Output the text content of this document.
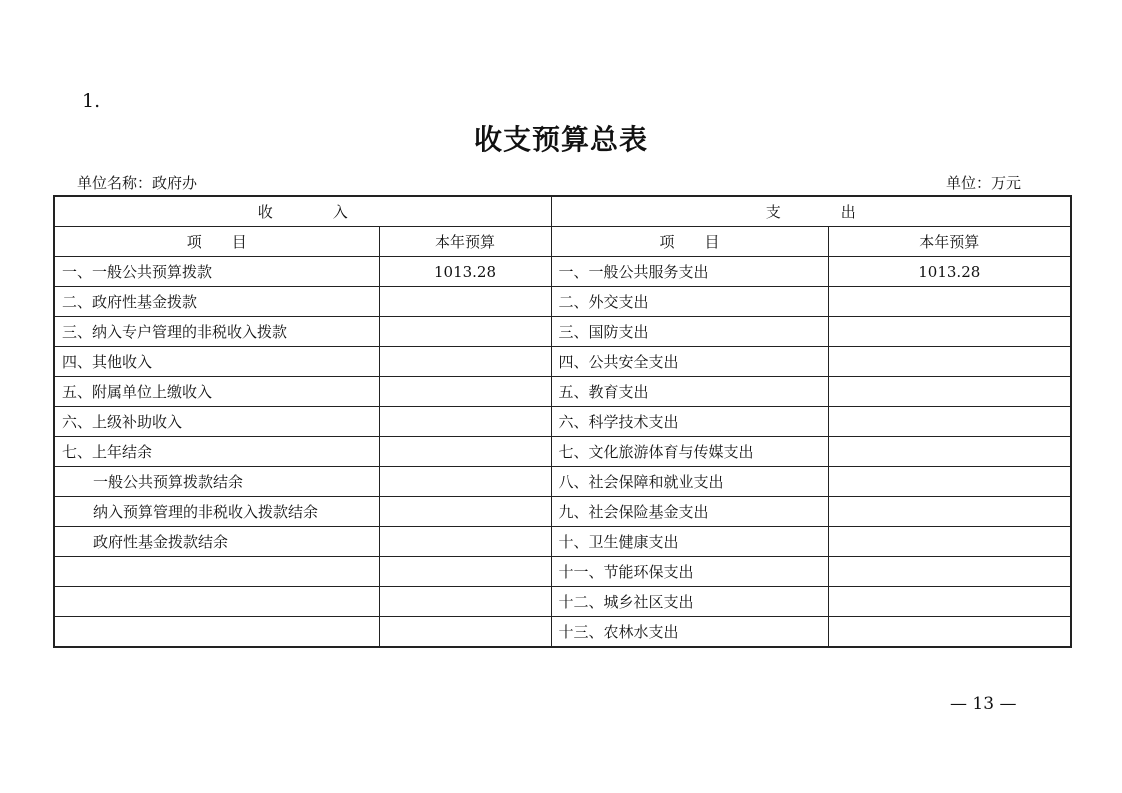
1.
收支预算总表
单位名称：政府办	单位：万元
收　　　　入		支　　　　出	
项　　目	本年预算	项　　目	本年预算
一、一般公共预算拨款	1013.28	一、一般公共服务支出	1013.28
二、政府性基金拨款		二、外交支出	
三、纳入专户管理的非税收入拨款		三、国防支出	
四、其他收入		四、公共安全支出	
五、附属单位上缴收入		五、教育支出	
六、上级补助收入		六、科学技术支出	
七、上年结余		七、文化旅游体育与传媒支出	
一般公共预算拨款结余		八、社会保障和就业支出	
纳入预算管理的非税收入拨款结余		九、社会保险基金支出	
政府性基金拨款结余		十、卫生健康支出	
		十一、节能环保支出	
		十二、城乡社区支出	
		十三、农林水支出	
— 13 —
